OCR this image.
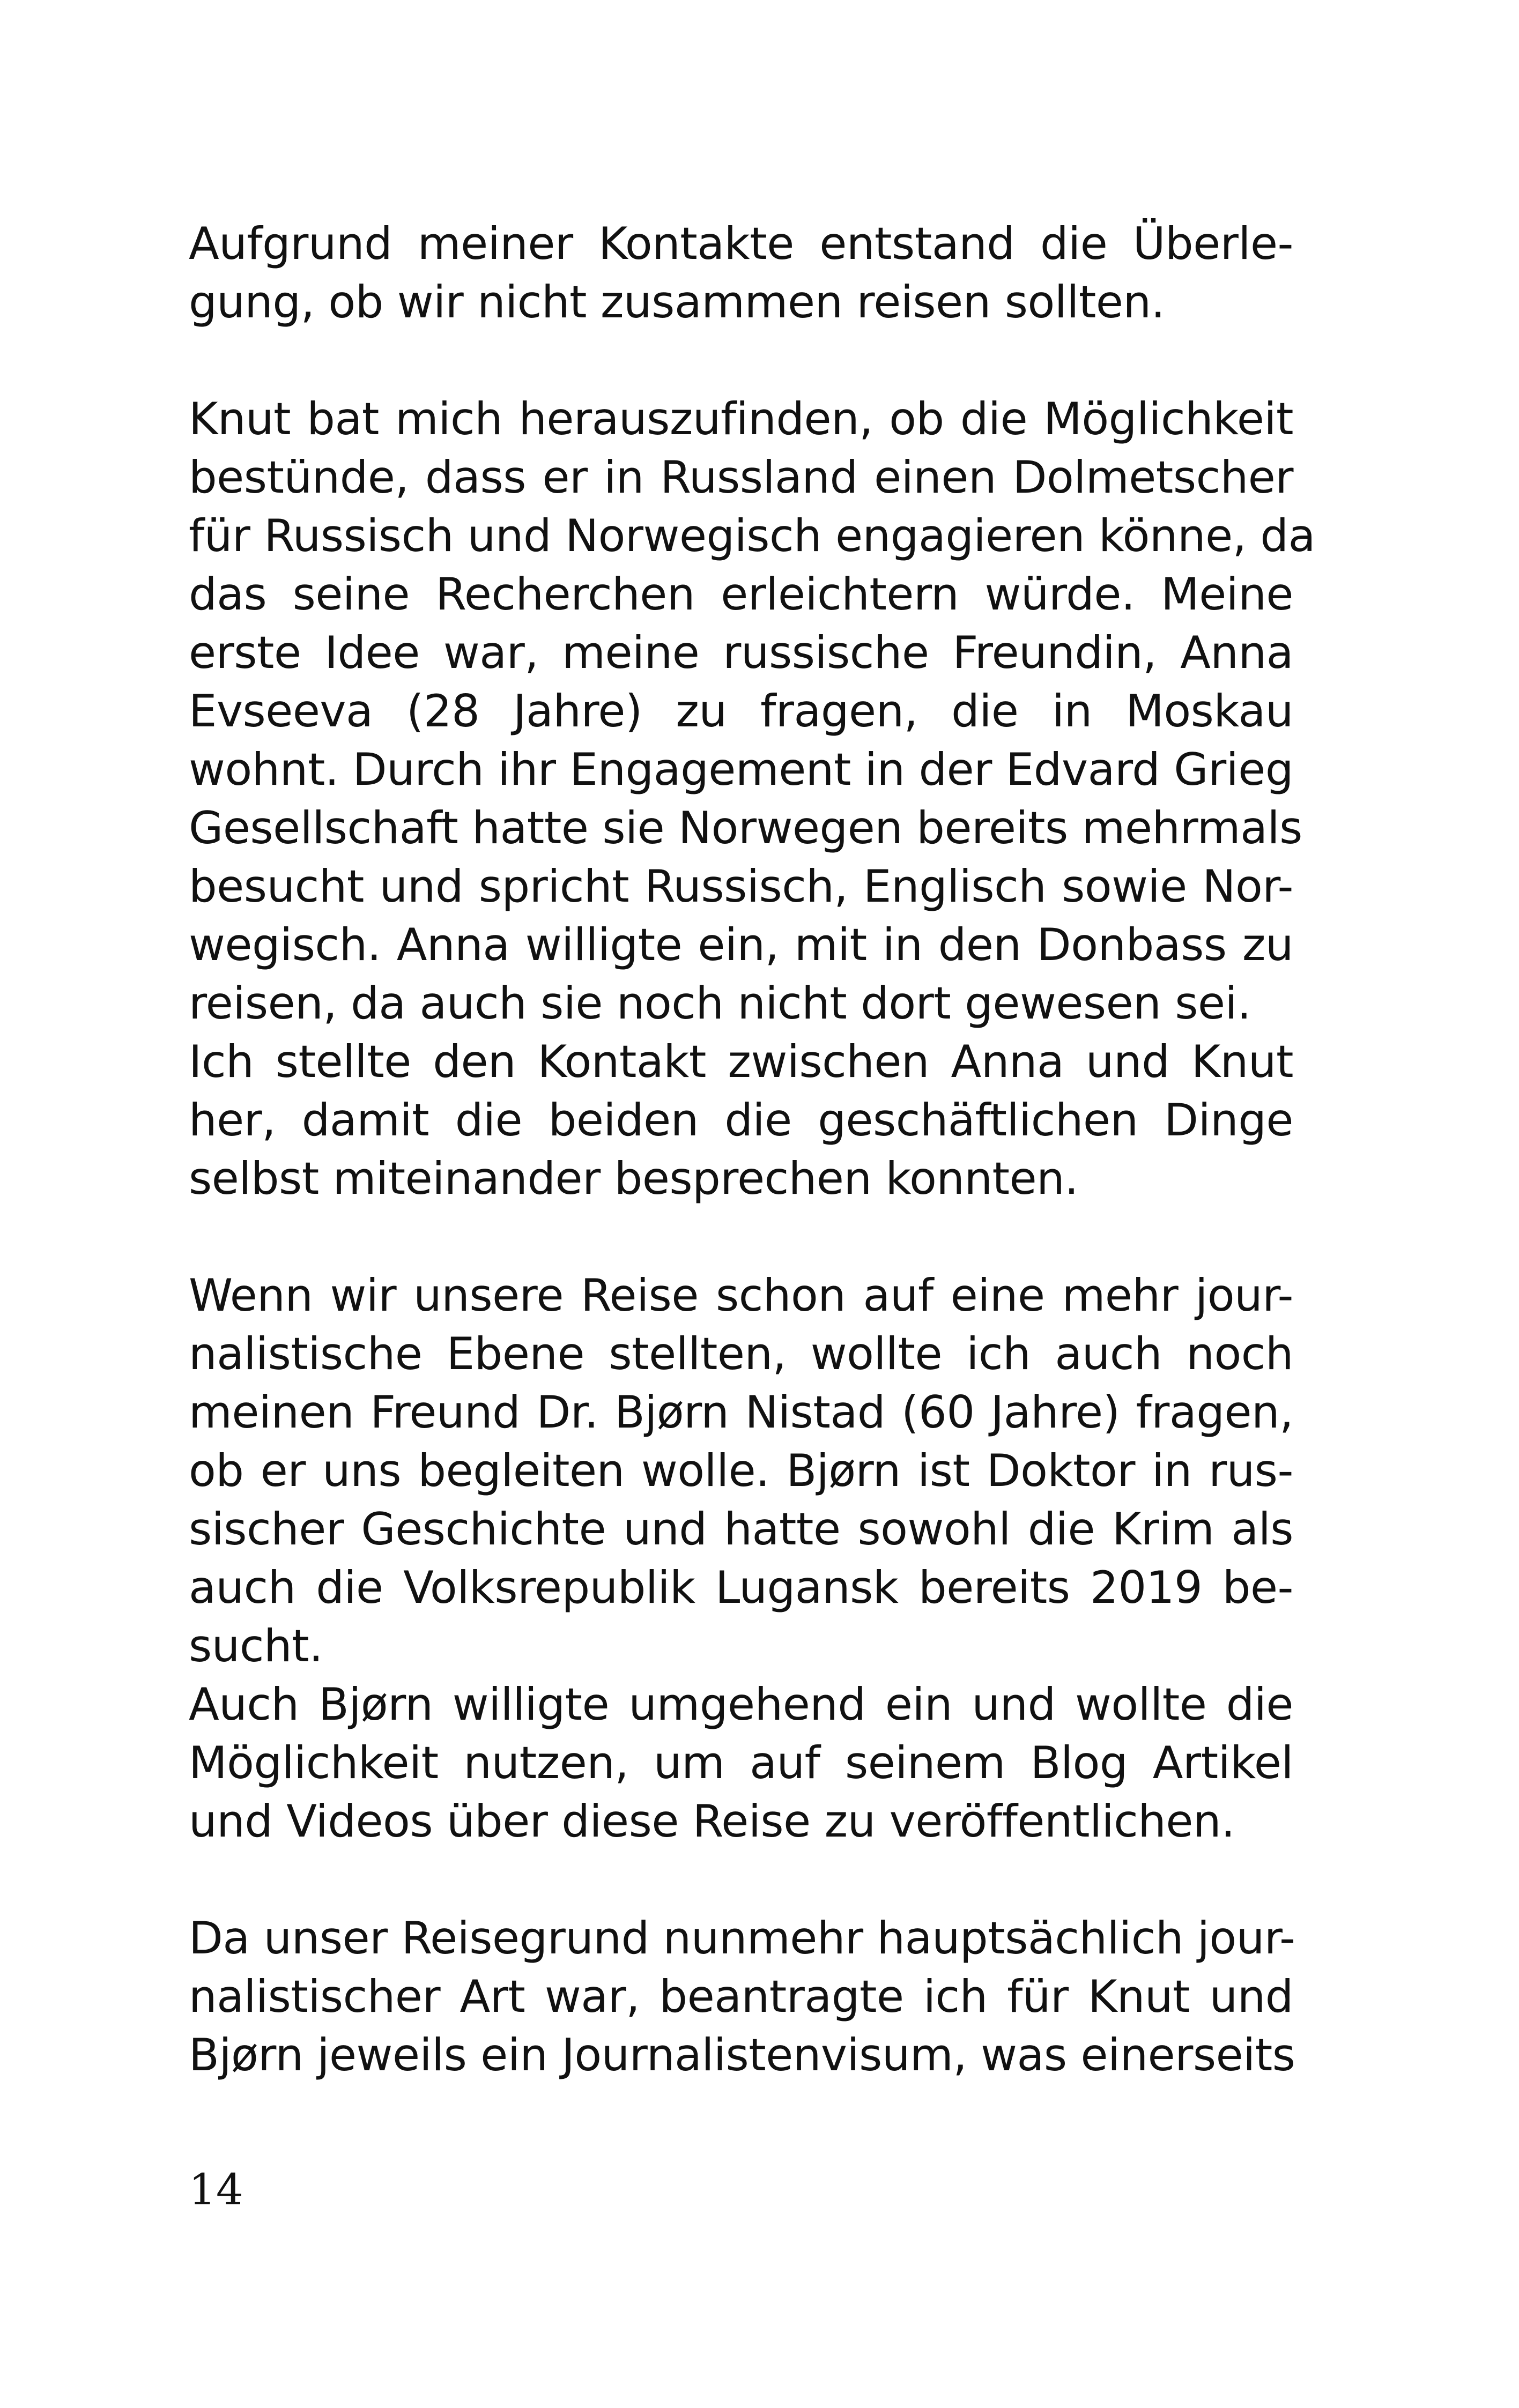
Aufgrund meiner Kontakte entstand die Überle-
gung, ob wir nicht zusammen reisen sollten.
Knut bat mich herauszufinden, ob die Möglichkeit
bestünde, dass er in Russland einen Dolmetscher
für Russisch und Norwegisch engagieren könne, da
das seine Recherchen erleichtern würde. Meine
erste Idee war, meine russische Freundin, Anna
Evseeva (28 Jahre) zu fragen, die in Moskau
wohnt. Durch ihr Engagement in der Edvard Grieg
Gesellschaft hatte sie Norwegen bereits mehrmals
besucht und spricht Russisch, Englisch sowie Nor-
wegisch. Anna willigte ein, mit in den Donbass zu
reisen, da auch sie noch nicht dort gewesen sei.
Ich stellte den Kontakt zwischen Anna und Knut
her, damit die beiden die geschäftlichen Dinge
selbst miteinander besprechen konnten.
Wenn wir unsere Reise schon auf eine mehr jour-
nalistische Ebene stellten, wollte ich auch noch
meinen Freund Dr. Bjørn Nistad (60 Jahre) fragen,
ob er uns begleiten wolle. Bjørn ist Doktor in rus-
sischer Geschichte und hatte sowohl die Krim als
auch die Volksrepublik Lugansk bereits 2019 be-
sucht.
Auch Bjørn willigte umgehend ein und wollte die
Möglichkeit nutzen, um auf seinem Blog Artikel
und Videos über diese Reise zu veröffentlichen.
Da unser Reisegrund nunmehr hauptsächlich jour-
nalistischer Art war, beantragte ich für Knut und
Bjørn jeweils ein Journalistenvisum, was einerseits
14
